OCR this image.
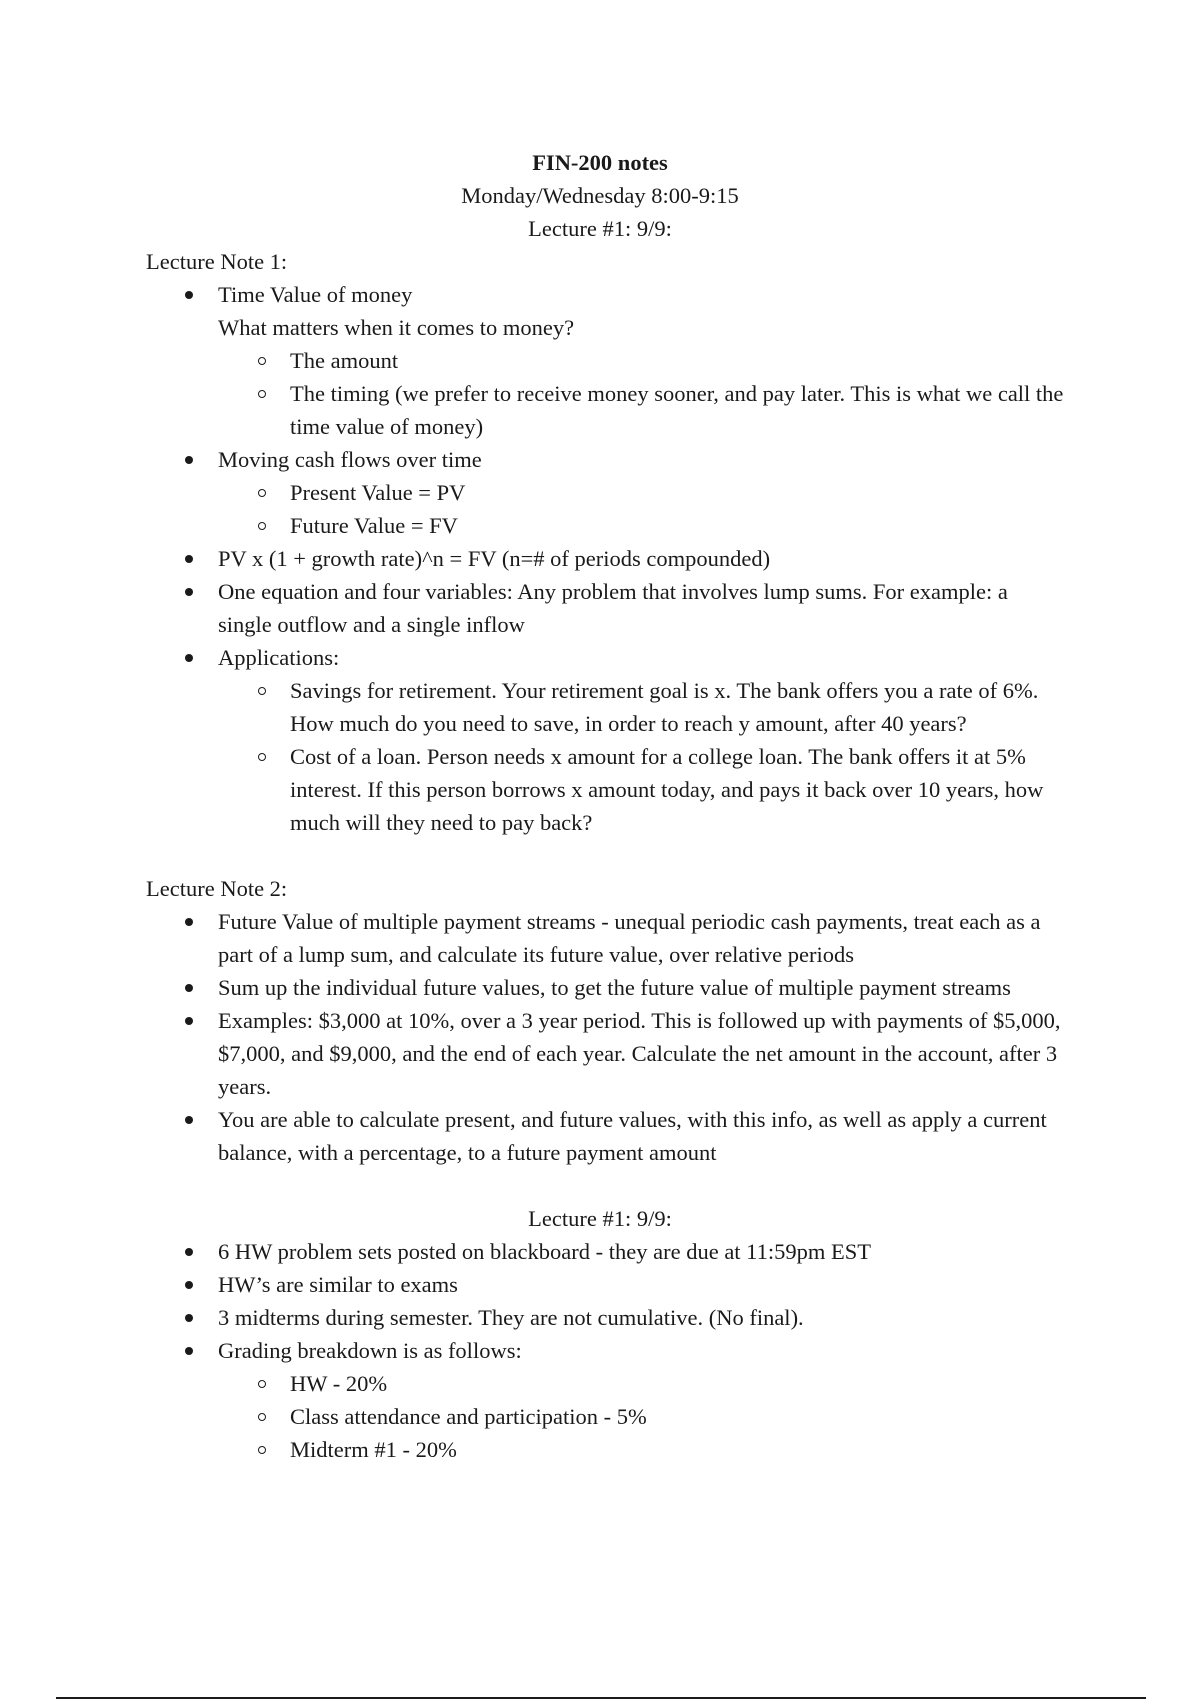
FIN-200 notes
Monday/Wednesday 8:00-9:15
Lecture #1: 9/9:
Lecture Note 1:
Time Value of money
What matters when it comes to money?
The amount
The timing (we prefer to receive money sooner, and pay later. This is what we call the time value of money)
Moving cash flows over time
Present Value = PV
Future Value = FV
PV x (1 + growth rate)^n = FV (n=# of periods compounded)
One equation and four variables: Any problem that involves lump sums. For example: a single outflow and a single inflow
Applications:
Savings for retirement. Your retirement goal is x. The bank offers you a rate of 6%. How much do you need to save, in order to reach y amount, after 40 years?
Cost of a loan. Person needs x amount for a college loan. The bank offers it at 5% interest. If this person borrows x amount today, and pays it back over 10 years, how much will they need to pay back?
Lecture Note 2:
Future Value of multiple payment streams - unequal periodic cash payments, treat each as a part of a lump sum, and calculate its future value, over relative periods
Sum up the individual future values, to get the future value of multiple payment streams
Examples: $3,000 at 10%, over a 3 year period. This is followed up with payments of $5,000, $7,000, and $9,000, and the end of each year. Calculate the net amount in the account, after 3 years.
You are able to calculate present, and future values, with this info, as well as apply a current balance, with a percentage, to a future payment amount
Lecture #1: 9/9:
6 HW problem sets posted on blackboard - they are due at 11:59pm EST
HW’s are similar to exams
3 midterms during semester. They are not cumulative. (No final).
Grading breakdown is as follows:
HW - 20%
Class attendance and participation - 5%
Midterm #1 - 20%
